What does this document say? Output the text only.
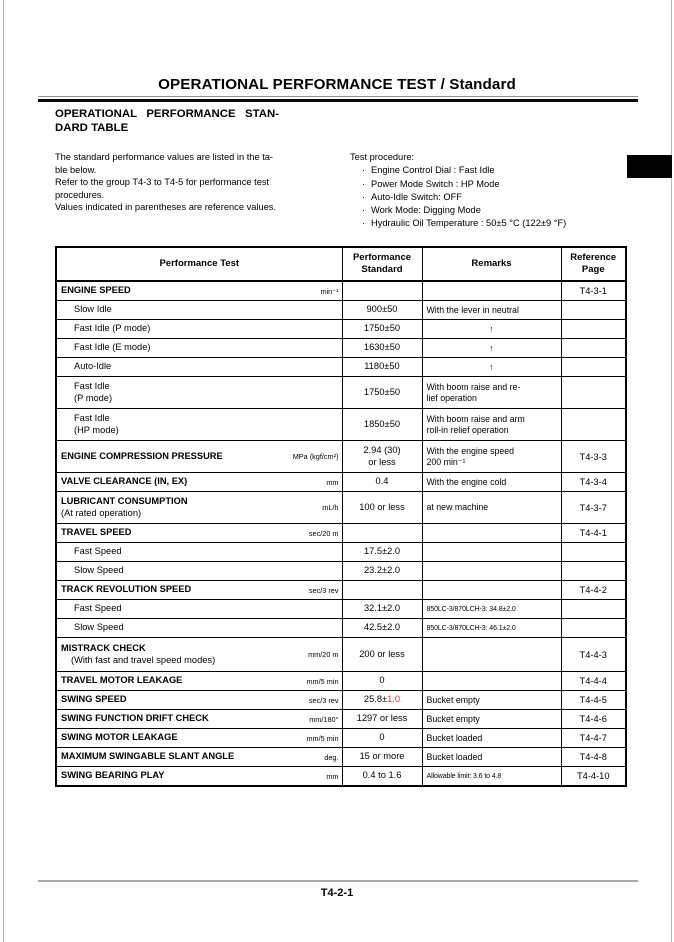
OPERATIONAL PERFORMANCE TEST / Standard
OPERATIONAL PERFORMANCE STAN-
DARD TABLE
The standard performance values are listed in the ta-
ble below.
Refer to the group T4-3 to T4-5 for performance test
procedures.
Values indicated in parentheses are reference values.
Test procedure:
· Engine Control Dial : Fast Idle
· Power Mode Switch : HP Mode
· Auto-Idle Switch: OFF
· Work Mode: Digging Mode
· Hydraulic Oil Temperature : 50±5 °C (122±9 °F)
Performance Test	Performance Standard	Remarks	Reference Page

ENGINE SPEED min⁻¹			T4-3-1

Slow Idle	900±50	With the lever in neutral	

Fast Idle (P mode)	1750±50	↑	

Fast Idle (E mode)	1630±50	↑	

Auto-Idle	1180±50	↑	

Fast Idle
(P mode)
	1750±50	With boom raise and re-
lief operation	

Fast Idle
(HP mode)
	1850±50	With boom raise and arm
roll-in relief operation	

ENGINE COMPRESSION PRESSURE MPa (kgf/cm²)	2.94 (30)
or less	With the engine speed
200 min⁻¹	T4-3-3

VALVE CLEARANCE (IN, EX) mm	0.4	With the engine cold	T4-3-4

LUBRICANT CONSUMPTION
(At rated operation) mL/h	100 or less	at new machine	T4-3-7

TRAVEL SPEED sec/20 m			T4-4-1

Fast Speed	17.5±2.0		

Slow Speed	23.2±2.0		

TRACK REVOLUTION SPEED sec/3 rev			T4-4-2

Fast Speed	32.1±2.0	850LC-3/870LCH-3: 34.8±2.0	

Slow Speed	42.5±2.0	850LC-3/870LCH-3: 46.1±2.0	

MISTRACK CHECK
(With fast and travel speed modes) mm/20 m	200 or less		T4-4-3

TRAVEL MOTOR LEAKAGE mm/5 min	0		T4-4-4

SWING SPEED sec/3 rev	25.8±1.0	Bucket empty	T4-4-5

SWING FUNCTION DRIFT CHECK mm/180°	1297 or less	Bucket empty	T4-4-6

SWING MOTOR LEAKAGE mm/5 min	0	Bucket loaded	T4-4-7

MAXIMUM SWINGABLE SLANT ANGLE deg.	15 or more	Bucket loaded	T4-4-8

SWING BEARING PLAY mm	0.4 to 1.6	Allowable limit: 3.6 to 4.8	T4-4-10
T4-2-1
